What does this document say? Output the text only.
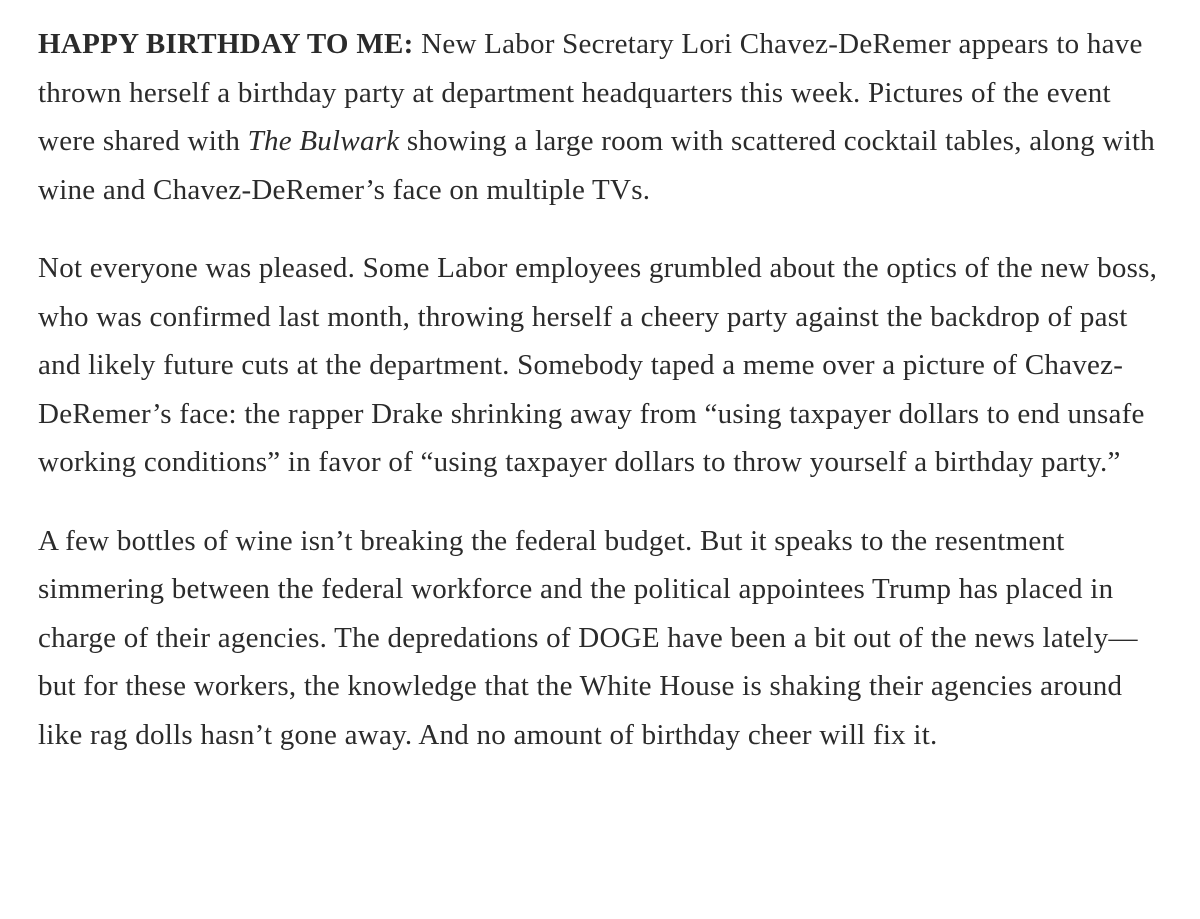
HAPPY BIRTHDAY TO ME: New Labor Secretary Lori Chavez-DeRemer appears to have thrown herself a birthday party at department headquarters this week. Pictures of the event were shared with The Bulwark showing a large room with scattered cocktail tables, along with wine and Chavez-DeRemer’s face on multiple TVs.

Not everyone was pleased. Some Labor employees grumbled about the optics of the new boss, who was confirmed last month, throwing herself a cheery party against the backdrop of past and likely future cuts at the department. Somebody taped a meme over a picture of Chavez-DeRemer’s face: the rapper Drake shrinking away from “using taxpayer dollars to end unsafe working conditions” in favor of “using taxpayer dollars to throw yourself a birthday party.”

A few bottles of wine isn’t breaking the federal budget. But it speaks to the resentment simmering between the federal workforce and the political appointees Trump has placed in charge of their agencies. The depredations of DOGE have been a bit out of the news lately—but for these workers, the knowledge that the White House is shaking their agencies around like rag dolls hasn’t gone away. And no amount of birthday cheer will fix it.
